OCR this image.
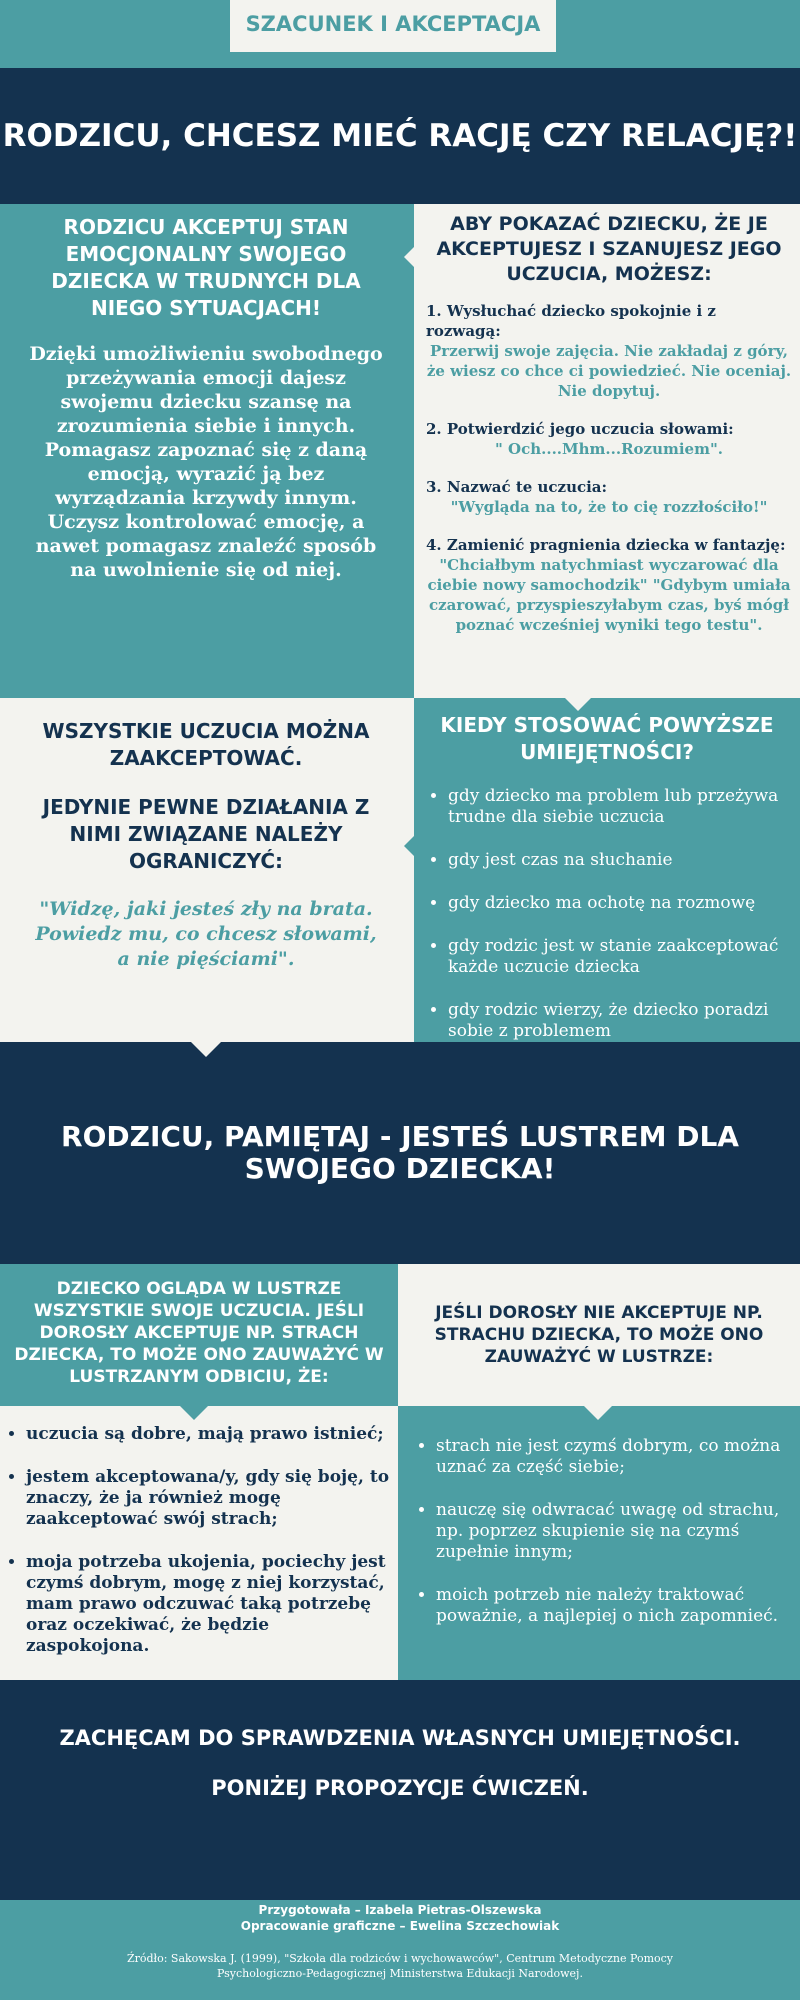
SZACUNEK I AKCEPTACJA
RODZICU, CHCESZ MIEĆ RACJĘ CZY RELACJĘ?!
RODZICU AKCEPTUJ STAN EMOCJONALNY SWOJEGO DZIECKA W TRUDNYCH DLA NIEGO SYTUACJACH!
Dzięki umożliwieniu swobodnego przeżywania emocji dajesz swojemu dziecku szansę na zrozumienia siebie i innych. Pomagasz zapoznać się z daną emocją, wyrazić ją bez wyrządzania krzywdy innym. Uczysz kontrolować emocję, a nawet pomagasz znaleźć sposób na uwolnienie się od niej.
ABY POKAZAĆ DZIECKU, ŻE JE AKCEPTUJESZ I SZANUJESZ JEGO UCZUCIA, MOŻESZ:
1. Wysłuchać dziecko spokojnie i z rozwagą:
Przerwij swoje zajęcia. Nie zakładaj z góry, że wiesz co chce ci powiedzieć. Nie oceniaj. Nie dopytuj.
2. Potwierdzić jego uczucia słowami:
" Och....Mhm...Rozumiem".
3. Nazwać te uczucia:
"Wygląda na to, że to cię rozzłościło!"
4. Zamienić pragnienia dziecka w fantazję:
"Chciałbym natychmiast wyczarować dla ciebie nowy samochodzik" "Gdybym umiała czarować, przyspieszyłabym czas, byś mógł poznać wcześniej wyniki tego testu".
WSZYSTKIE UCZUCIA MOŻNA ZAAKCEPTOWAĆ.
JEDYNIE PEWNE DZIAŁANIA Z NIMI ZWIĄZANE NALEŻY OGRANICZYĆ:
"Widzę, jaki jesteś zły na brata. Powiedz mu, co chcesz słowami, a nie pięściami".
KIEDY STOSOWAĆ POWYŻSZE UMIEJĘTNOŚCI?
• gdy dziecko ma problem lub przeżywa trudne dla siebie uczucia
• gdy jest czas na słuchanie
• gdy dziecko ma ochotę na rozmowę
• gdy rodzic jest w stanie zaakceptować każde uczucie dziecka
• gdy rodzic wierzy, że dziecko poradzi sobie z problemem
RODZICU, PAMIĘTAJ - JESTEŚ LUSTREM DLA SWOJEGO DZIECKA!
DZIECKO OGLĄDA W LUSTRZE WSZYSTKIE SWOJE UCZUCIA. JEŚLI DOROSŁY AKCEPTUJE NP. STRACH DZIECKA, TO MOŻE ONO ZAUWAŻYĆ W LUSTRZANYM ODBICIU, ŻE:
• uczucia są dobre, mają prawo istnieć;
• jestem akceptowana/y, gdy się boję, to znaczy, że ja również mogę zaakceptować swój strach;
• moja potrzeba ukojenia, pociechy jest czymś dobrym, mogę z niej korzystać, mam prawo odczuwać taką potrzebę oraz oczekiwać, że będzie zaspokojona.
JEŚLI DOROSŁY NIE AKCEPTUJE NP. STRACHU DZIECKA, TO MOŻE ONO ZAUWAŻYĆ W LUSTRZE:
• strach nie jest czymś dobrym, co można uznać za część siebie;
• nauczę się odwracać uwagę od strachu, np. poprzez skupienie się na czymś zupełnie innym;
• moich potrzeb nie należy traktować poważnie, a najlepiej o nich zapomnieć.
ZACHĘCAM DO SPRAWDZENIA WŁASNYCH UMIEJĘTNOŚCI.
PONIŻEJ PROPOZYCJE ĆWICZEŃ.
Przygotowała – Izabela Pietras-Olszewska
Opracowanie graficzne – Ewelina Szczechowiak
Źródło: Sakowska J. (1999), "Szkoła dla rodziców i wychowawców", Centrum Metodyczne Pomocy Psychologiczno-Pedagogicznej Ministerstwa Edukacji Narodowej.
